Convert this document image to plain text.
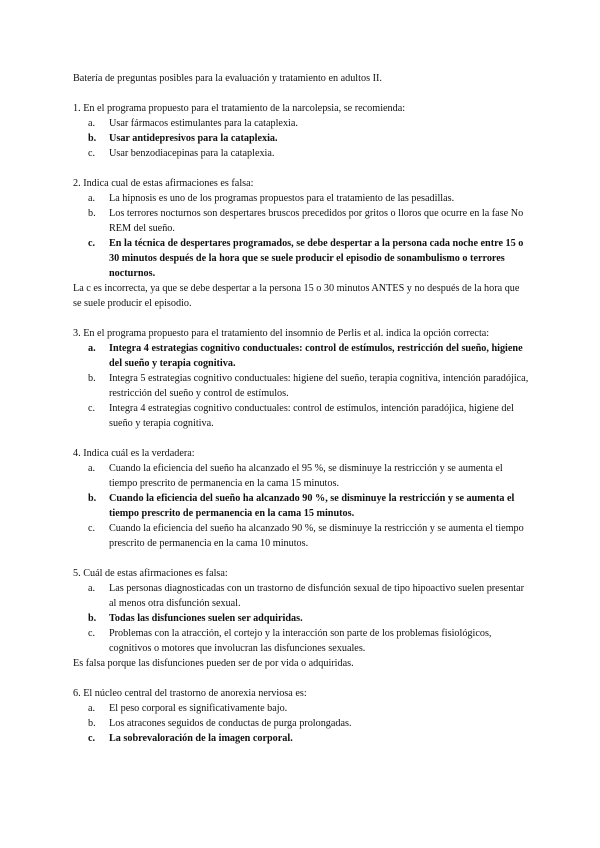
Batería de preguntas posibles para la evaluación y tratamiento en adultos II.

1. En el programa propuesto para el tratamiento de la narcolepsia, se recomienda:

a.	Usar fármacos estimulantes para la cataplexia.
b.	Usar antidepresivos para la cataplexia.
c.	Usar benzodiacepinas para la cataplexia.

2. Indica cual de estas afirmaciones es falsa:

a.	La hipnosis es uno de los programas propuestos para el tratamiento de las pesadillas.
b.	Los terrores nocturnos son despertares bruscos precedidos por gritos o lloros que ocurre en la fase No REM del sueño.
c.	En la técnica de despertares programados, se debe despertar a la persona cada noche entre 15 o 30 minutos después de la hora que se suele producir el episodio de sonambulismo o terrores nocturnos.

La c es incorrecta, ya que se debe despertar a la persona 15 o 30 minutos ANTES y no después de la hora que se suele producir el episodio.

3. En el programa propuesto para el tratamiento del insomnio de Perlis et al. indica la opción correcta:

a.	Integra 4 estrategias cognitivo conductuales: control de estímulos, restricción del sueño, higiene del sueño y terapia cognitiva.
b.	Integra 5 estrategias cognitivo conductuales: higiene del sueño, terapia cognitiva, intención paradójica, restricción del sueño y control de estímulos.
c.	Integra 4 estrategias cognitivo conductuales: control de estímulos, intención paradójica, higiene del sueño y terapia cognitiva.

4. Indica cuál es la verdadera:

a.	Cuando la eficiencia del sueño ha alcanzado el 95 %, se disminuye la restricción y se aumenta el tiempo prescrito de permanencia en la cama 15 minutos.
b.	Cuando la eficiencia del sueño ha alcanzado 90 %, se disminuye la restricción y se aumenta el tiempo prescrito de permanencia en la cama 15 minutos.
c.	Cuando la eficiencia del sueño ha alcanzado 90 %, se disminuye la restricción y se aumenta el tiempo prescrito de permanencia en la cama 10 minutos.

5. Cuál de estas afirmaciones es falsa:

a.	Las personas diagnosticadas con un trastorno de disfunción sexual de tipo hipoactivo suelen presentar al menos otra disfunción sexual.
b.	Todas las disfunciones suelen ser adquiridas.
c.	Problemas con la atracción, el cortejo y la interacción son parte de los problemas fisiológicos, cognitivos o motores que involucran las disfunciones sexuales.

Es falsa porque las disfunciones pueden ser de por vida o adquiridas.

6. El núcleo central del trastorno de anorexia nerviosa es:

a.	El peso corporal es significativamente bajo.
b.	Los atracones seguidos de conductas de purga prolongadas.
c.	La sobrevaloración de la imagen corporal.
